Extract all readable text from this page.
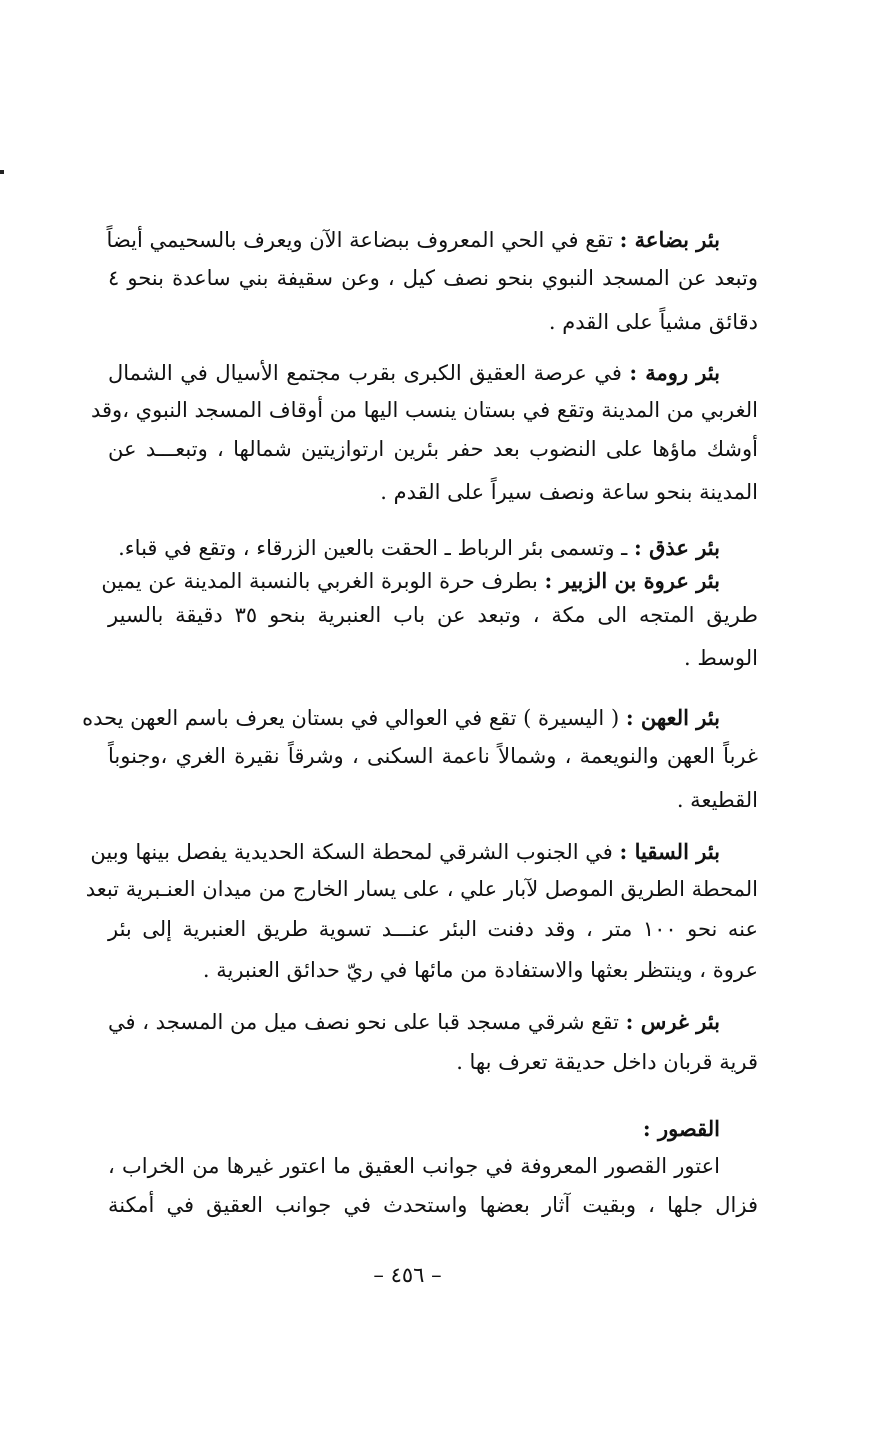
بئر بضاعة : تقع في الحي المعروف ببضاعة الآن ويعرف بالسحيمي أيضاً
وتبعد عن المسجد النبوي بنحو نصف كيل ، وعن سقيفة بني ساعدة بنحو ٤
دقائق مشياً على القدم .
بئر رومة : في عرصة العقيق الكبرى بقرب مجتمع الأسيال في الشمال
الغربي من المدينة وتقع في بستان ينسب اليها من أوقاف المسجد النبوي ،وقد
أوشك ماؤها على النضوب بعد حفر بئرين ارتوازيتين شمالها ، وتبعـــد عن
المدينة بنحو ساعة ونصف سيراً على القدم .
بئر عذق : ـ وتسمى بئر الرباط ـ الحقت بالعين الزرقاء ، وتقع في قباء.
بئر عروة بن الزبير : بطرف حرة الوبرة الغربي بالنسبة المدينة عن يمين
طريق المتجه الى مكة ، وتبعد عن باب العنبرية بنحو ٣٥ دقيقة بالسير
الوسط .
بئر العهن : ( اليسيرة ) تقع في العوالي في بستان يعرف باسم العهن يحده
غرباً العهن والنويعمة ، وشمالاً ناعمة السكنى ، وشرقاً نقيرة الغري ،وجنوباً
القطيعة .
بئر السقيا : في الجنوب الشرقي لمحطة السكة الحديدية يفصل بينها وبين
المحطة الطريق الموصل لآبار علي ، على يسار الخارج من ميدان العنـبرية تبعد
عنه نحو ١٠٠ متر ، وقد دفنت البئر عنـــد تسوية طريق العنبرية إلى بئر
عروة ، وينتظر بعثها والاستفادة من مائها في ريّ حدائق العنبرية .
بئر غرس : تقع شرقي مسجد قبا على نحو نصف ميل من المسجد ، في
قرية قربان داخل حديقة تعرف بها .
القصور :
اعتور القصور المعروفة في جوانب العقيق ما اعتور غيرها من الخراب ،
فزال جلها ، وبقيت آثار بعضها واستحدث في جوانب العقيق في أمكنة
– ٤٥٦ –
